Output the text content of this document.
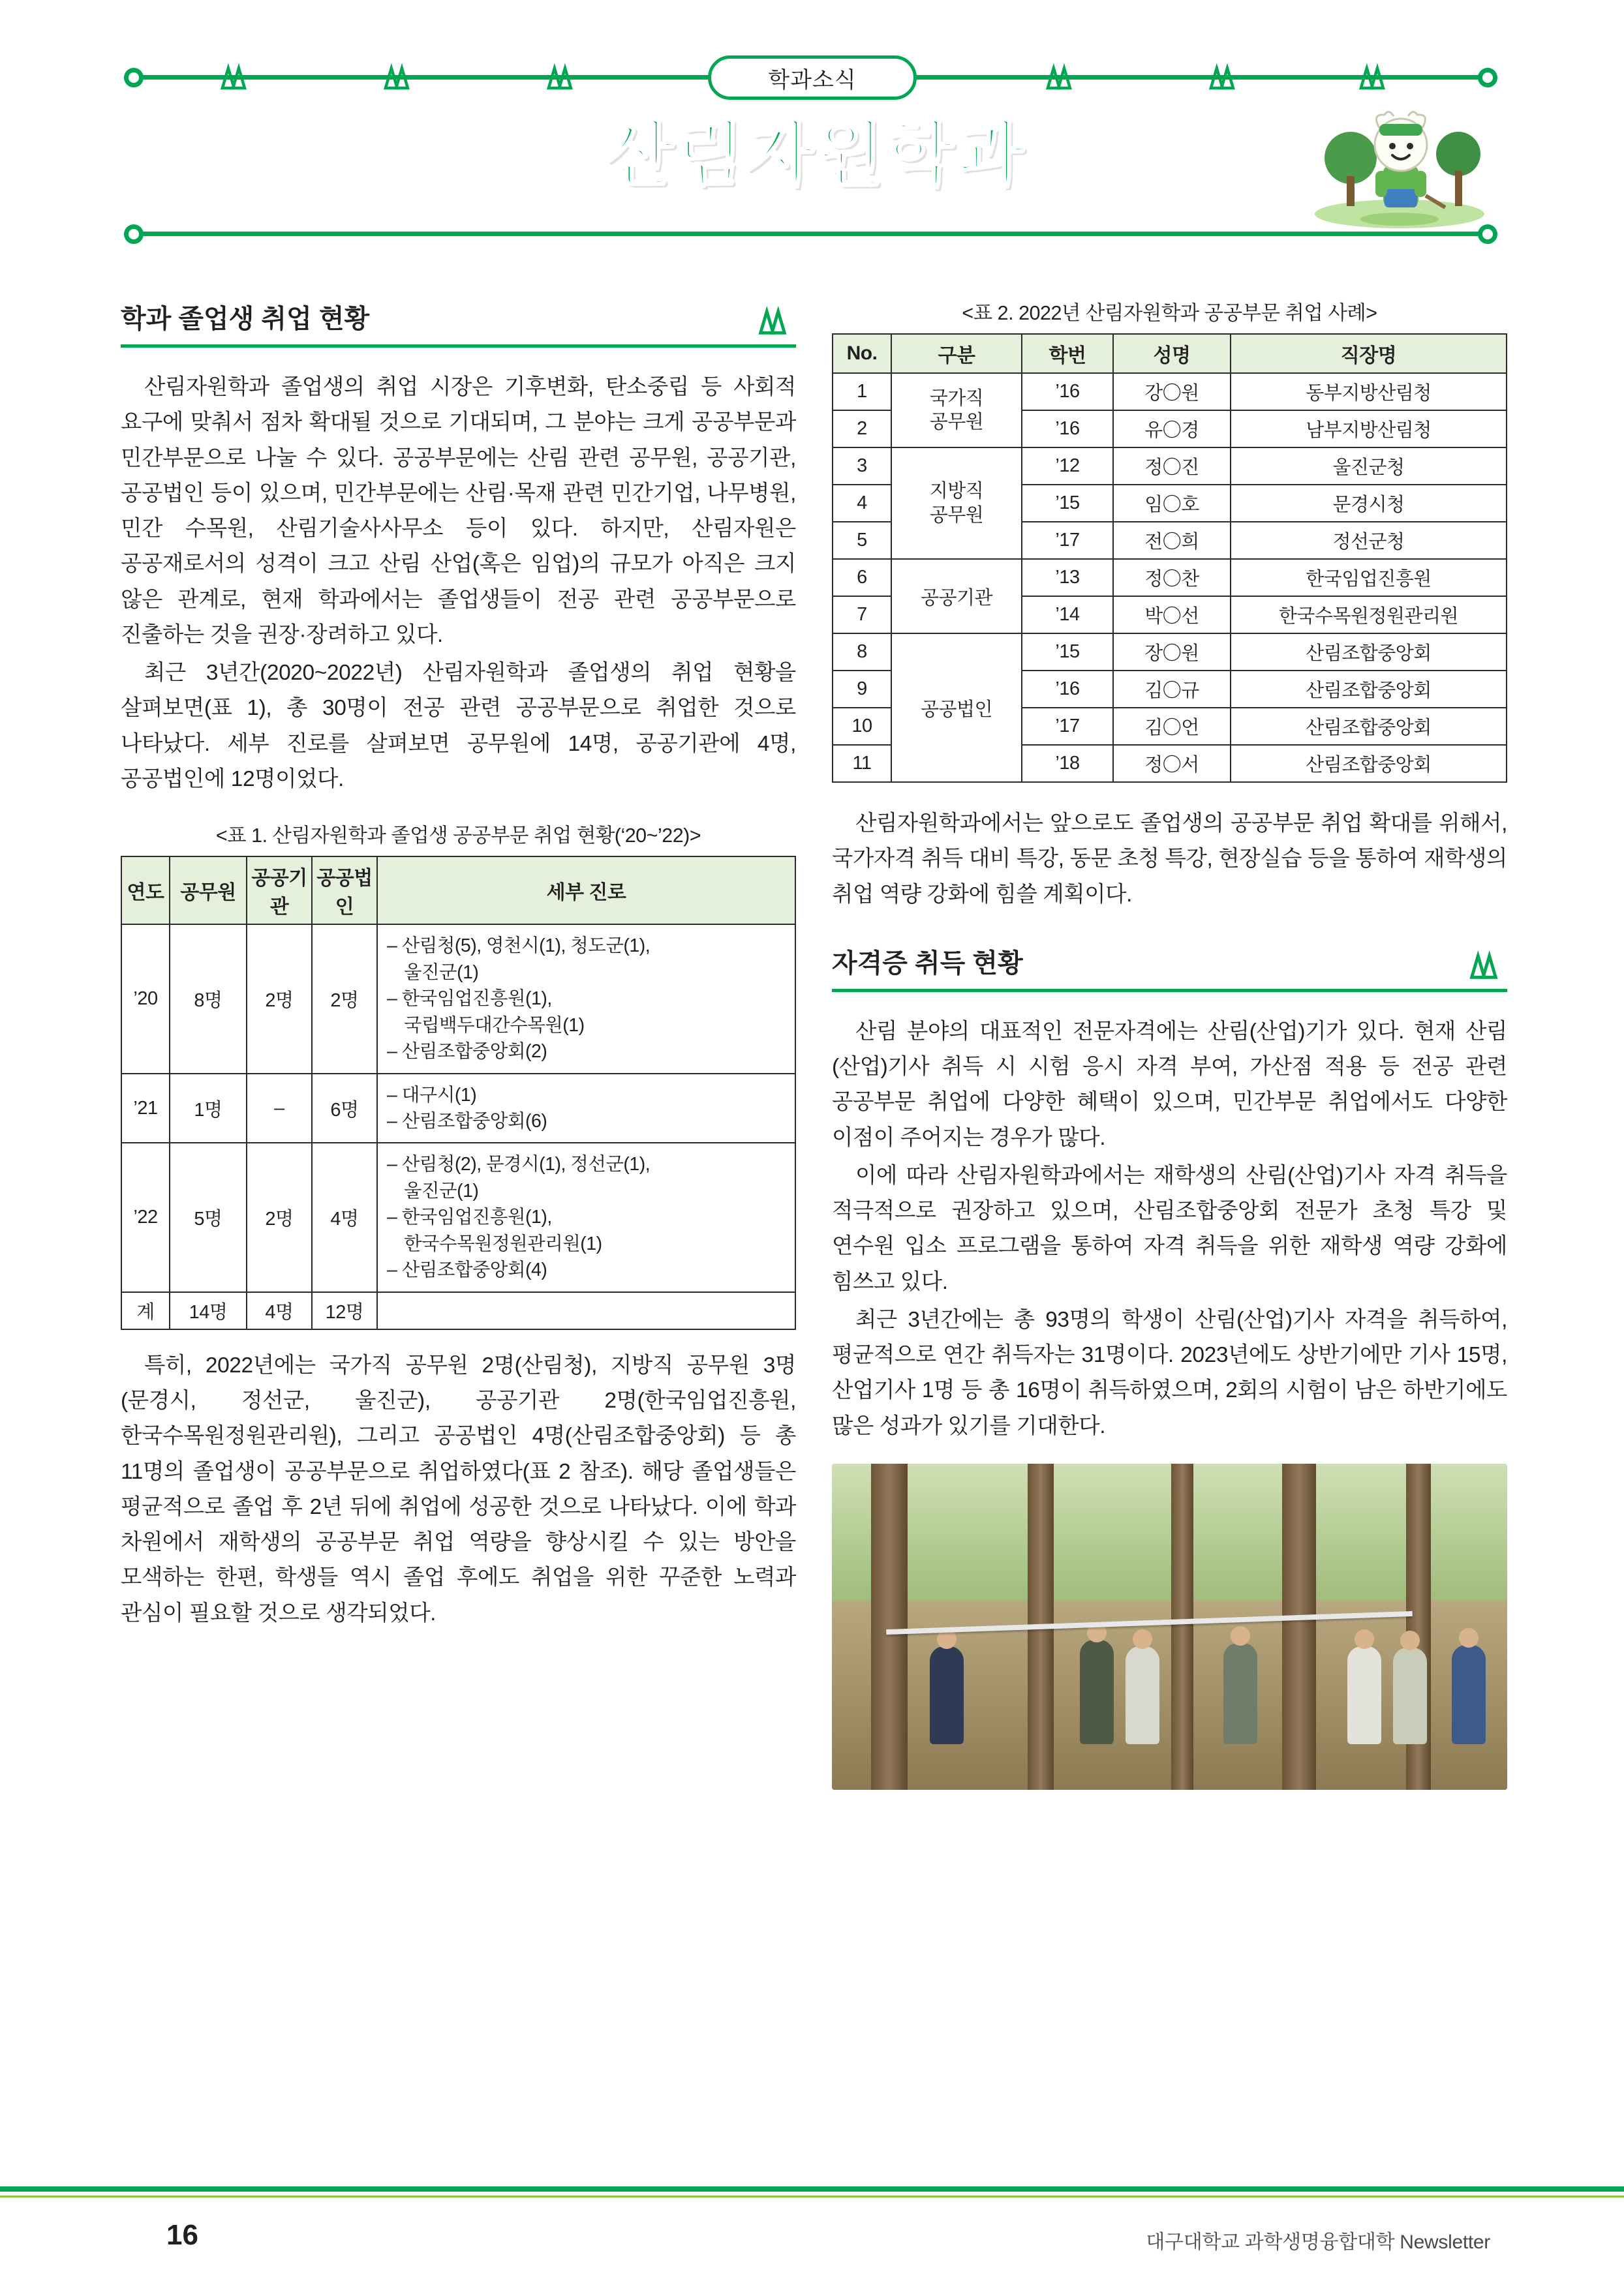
학과소식
산림자원학과
학과 졸업생 취업 현황

산림자원학과 졸업생의 취업 시장은 기후변화, 탄소중립 등 사회적 요구에 맞춰서 점차 확대될 것으로 기대되며, 그 분야는 크게 공공부문과 민간부문으로 나눌 수 있다. 공공부문에는 산림 관련 공무원, 공공기관, 공공법인 등이 있으며, 민간부문에는 산림·목재 관련 민간기업, 나무병원, 민간 수목원, 산림기술사사무소 등이 있다. 하지만, 산림자원은 공공재로서의 성격이 크고 산림 산업(혹은 임업)의 규모가 아직은 크지 않은 관계로, 현재 학과에서는 졸업생들이 전공 관련 공공부문으로 진출하는 것을 권장·장려하고 있다.

최근 3년간(2020~2022년) 산림자원학과 졸업생의 취업 현황을 살펴보면(표 1), 총 30명이 전공 관련 공공부문으로 취업한 것으로 나타났다. 세부 진로를 살펴보면 공무원에 14명, 공공기관에 4명, 공공법인에 12명이었다.

<표 1. 산림자원학과 졸업생 공공부문 취업 현황(‘20~’22)>
연도	공무원	공공기관	공공법인	세부 진로
’20	8명	2명	2명	– 산림청(5), 영천시(1), 청도군(1),
울진군(1)
– 한국임업진흥원(1),
국립백두대간수목원(1)
– 산림조합중앙회(2)

’21	1명	–	6명	– 대구시(1)
– 산림조합중앙회(6)

’22	5명	2명	4명	– 산림청(2), 문경시(1), 정선군(1),
울진군(1)
– 한국임업진흥원(1),
한국수목원정원관리원(1)
– 산림조합중앙회(4)

계	14명	4명	12명	

특히, 2022년에는 국가직 공무원 2명(산림청), 지방직 공무원 3명(문경시, 정선군, 울진군), 공공기관 2명(한국임업진흥원, 한국수목원정원관리원), 그리고 공공법인 4명(산림조합중앙회) 등 총 11명의 졸업생이 공공부문으로 취업하였다(표 2 참조). 해당 졸업생들은 평균적으로 졸업 후 2년 뒤에 취업에 성공한 것으로 나타났다. 이에 학과 차원에서 재학생의 공공부문 취업 역량을 향상시킬 수 있는 방안을 모색하는 한편, 학생들 역시 졸업 후에도 취업을 위한 꾸준한 노력과 관심이 필요할 것으로 생각되었다.

<표 2. 2022년 산림자원학과 공공부문 취업 사례>
No.	구분	학번	성명	직장명
1	국가직
공무원	’16	강〇원	동부지방산림청
2		’16	유〇경	남부지방산림청
3	지방직
공무원	’12	정〇진	울진군청
4		’15	임〇호	문경시청
5		’17	전〇희	정선군청
6	공공기관	’13	정〇찬	한국임업진흥원
7		’14	박〇선	한국수목원정원관리원
8	공공법인	’15	장〇원	산림조합중앙회
9		’16	김〇규	산림조합중앙회
10		’17	김〇언	산림조합중앙회
11		’18	정〇서	산림조합중앙회

산림자원학과에서는 앞으로도 졸업생의 공공부문 취업 확대를 위해서, 국가자격 취득 대비 특강, 동문 초청 특강, 현장실습 등을 통하여 재학생의 취업 역량 강화에 힘쓸 계획이다.

자격증 취득 현황

산림 분야의 대표적인 전문자격에는 산림(산업)기가 있다. 현재 산림(산업)기사 취득 시 시험 응시 자격 부여, 가산점 적용 등 전공 관련 공공부문 취업에 다양한 혜택이 있으며, 민간부문 취업에서도 다양한 이점이 주어지는 경우가 많다.

이에 따라 산림자원학과에서는 재학생의 산림(산업)기사 자격 취득을 적극적으로 권장하고 있으며, 산림조합중앙회 전문가 초청 특강 및 연수원 입소 프로그램을 통하여 자격 취득을 위한 재학생 역량 강화에 힘쓰고 있다.

최근 3년간에는 총 93명의 학생이 산림(산업)기사 자격을 취득하여, 평균적으로 연간 취득자는 31명이다. 2023년에도 상반기에만 기사 15명, 산업기사 1명 등 총 16명이 취득하였으며, 2회의 시험이 남은 하반기에도 많은 성과가 있기를 기대한다.

16	대구대학교 과학생명융합대학 Newsletter
